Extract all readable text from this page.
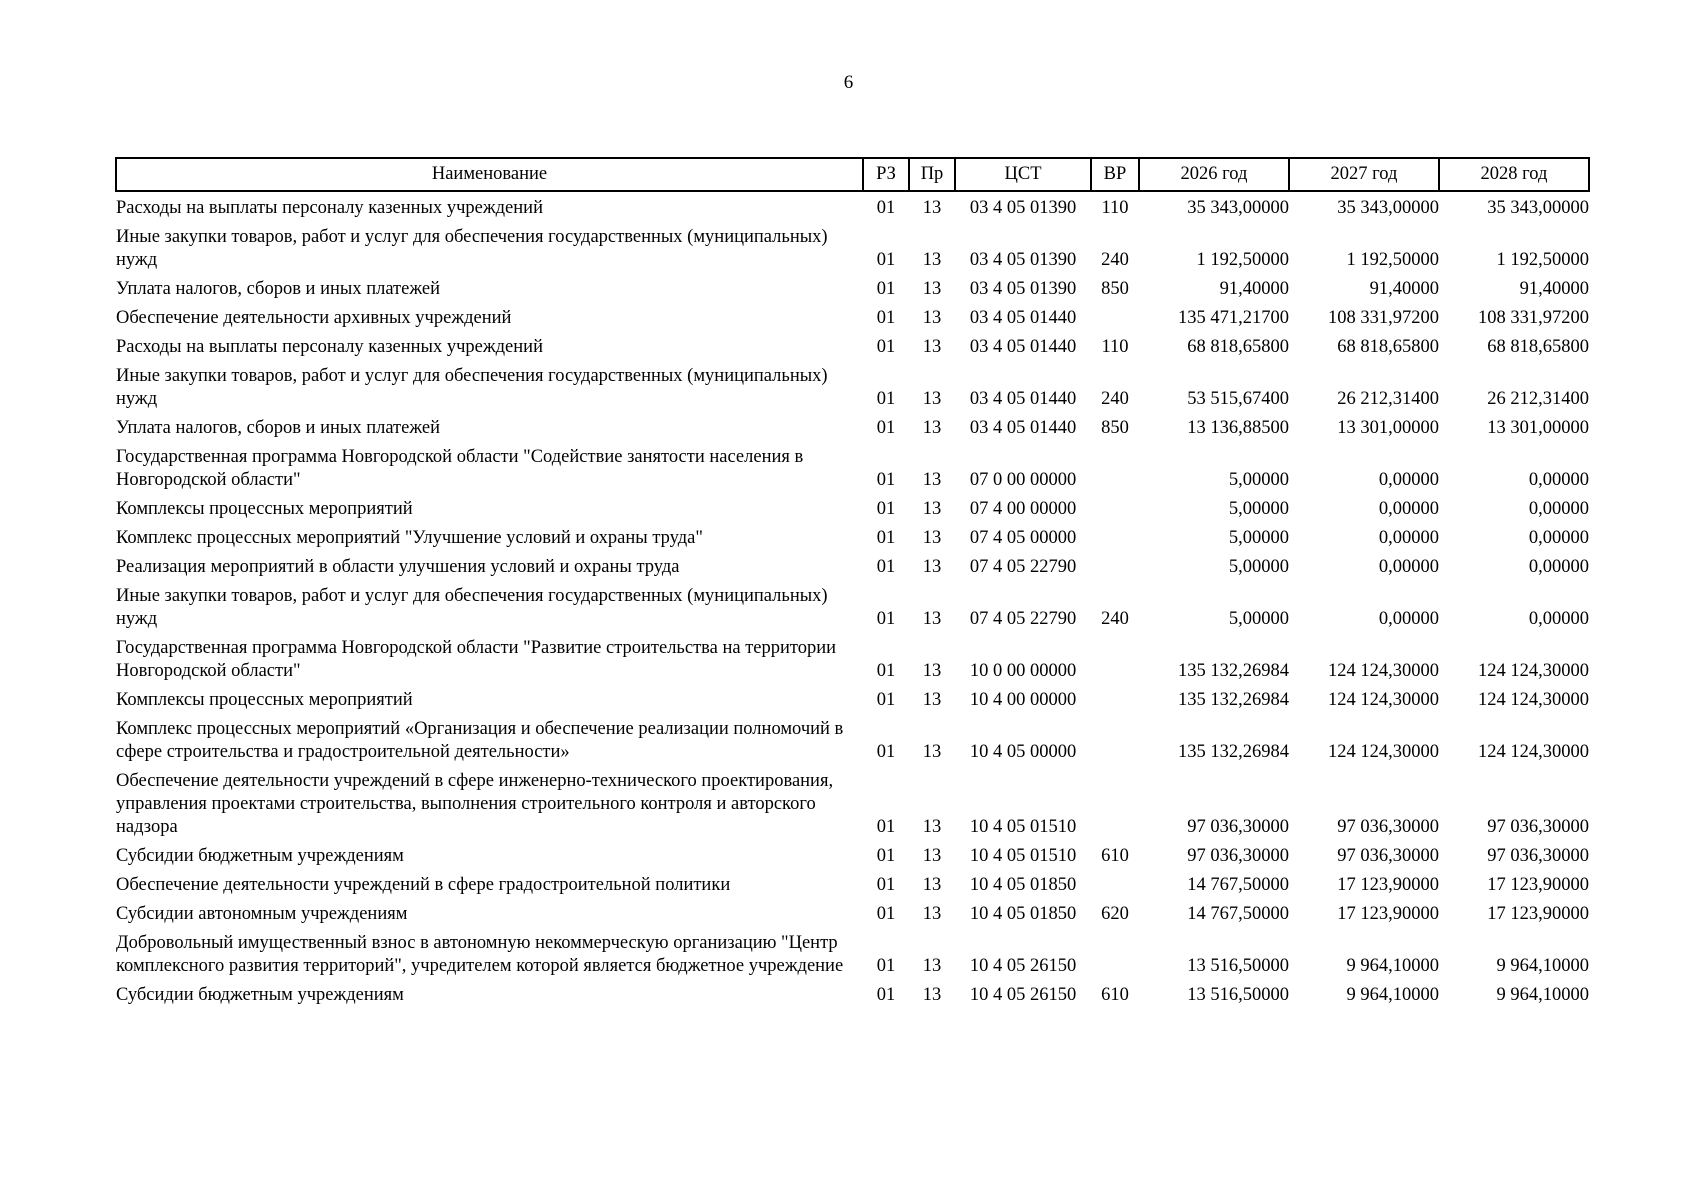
6
Наименование	РЗ	Пр	ЦСТ	ВР	2026 год	2027 год	2028 год
Расходы на выплаты персоналу казенных учреждений	01	13	03 4 05 01390	110	35 343,00000	35 343,00000	35 343,00000
Иные закупки товаров, работ и услуг для обеспечения государственных (муниципальных) нужд	01	13	03 4 05 01390	240	1 192,50000	1 192,50000	1 192,50000
Уплата налогов, сборов и иных платежей	01	13	03 4 05 01390	850	91,40000	91,40000	91,40000
Обеспечение деятельности архивных учреждений	01	13	03 4 05 01440		135 471,21700	108 331,97200	108 331,97200
Расходы на выплаты персоналу казенных учреждений	01	13	03 4 05 01440	110	68 818,65800	68 818,65800	68 818,65800
Иные закупки товаров, работ и услуг для обеспечения государственных (муниципальных) нужд	01	13	03 4 05 01440	240	53 515,67400	26 212,31400	26 212,31400
Уплата налогов, сборов и иных платежей	01	13	03 4 05 01440	850	13 136,88500	13 301,00000	13 301,00000
Государственная программа Новгородской области "Содействие занятости населения в Новгородской области"	01	13	07 0 00 00000		5,00000	0,00000	0,00000
Комплексы процессных мероприятий	01	13	07 4 00 00000		5,00000	0,00000	0,00000
Комплекс процессных мероприятий "Улучшение условий и охраны труда"	01	13	07 4 05 00000		5,00000	0,00000	0,00000
Реализация мероприятий в области улучшения условий и охраны труда	01	13	07 4 05 22790		5,00000	0,00000	0,00000
Иные закупки товаров, работ и услуг для обеспечения государственных (муниципальных) нужд	01	13	07 4 05 22790	240	5,00000	0,00000	0,00000
Государственная программа Новгородской области "Развитие строительства на территории Новгородской области"	01	13	10 0 00 00000		135 132,26984	124 124,30000	124 124,30000
Комплексы процессных мероприятий	01	13	10 4 00 00000		135 132,26984	124 124,30000	124 124,30000
Комплекс процессных мероприятий «Организация и обеспечение реализации полномочий в сфере строительства и градостроительной деятельности»	01	13	10 4 05 00000		135 132,26984	124 124,30000	124 124,30000
Обеспечение деятельности учреждений в сфере инженерно-технического проектирования, управления проектами строительства, выполнения строительного контроля и авторского надзора	01	13	10 4 05 01510		97 036,30000	97 036,30000	97 036,30000
Субсидии бюджетным учреждениям	01	13	10 4 05 01510	610	97 036,30000	97 036,30000	97 036,30000
Обеспечение деятельности учреждений в сфере градостроительной политики	01	13	10 4 05 01850		14 767,50000	17 123,90000	17 123,90000
Субсидии автономным учреждениям	01	13	10 4 05 01850	620	14 767,50000	17 123,90000	17 123,90000
Добровольный имущественный взнос в автономную некоммерческую организацию "Центр комплексного развития территорий", учредителем которой является бюджетное учреждение	01	13	10 4 05 26150		13 516,50000	9 964,10000	9 964,10000
Субсидии бюджетным учреждениям	01	13	10 4 05 26150	610	13 516,50000	9 964,10000	9 964,10000
